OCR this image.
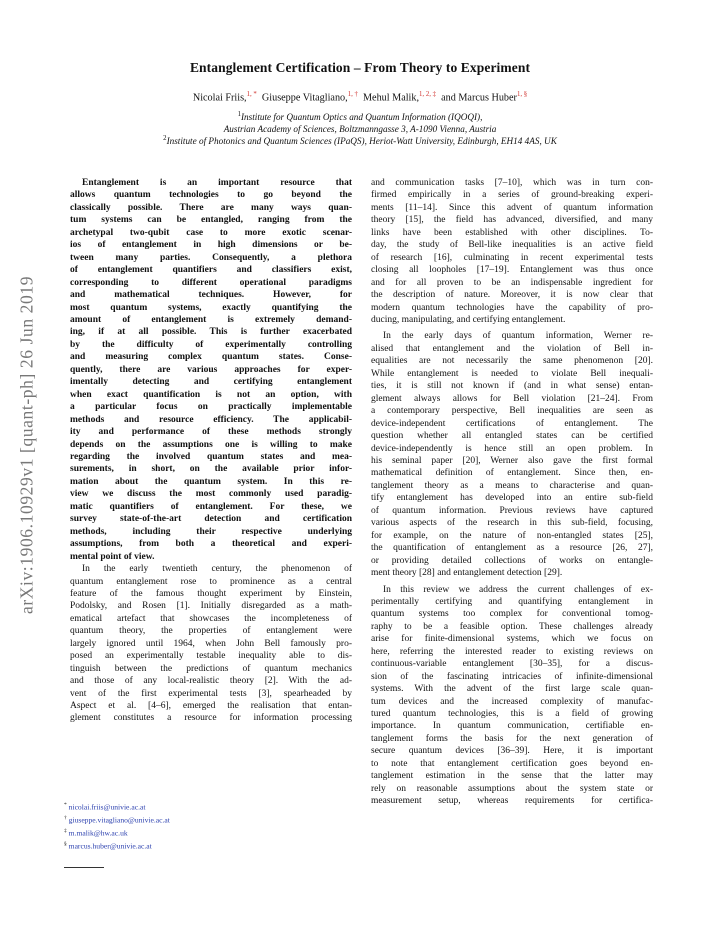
arXiv:1906.10929v1 [quant-ph] 26 Jun 2019
Entanglement Certification – From Theory to Experiment
Nicolai Friis,$^{1, *}$ Giuseppe Vitagliano,$^{1, \dagger}$ Mehul Malik,$^{1, 2, \ddagger}$ and Marcus Huber$^{1, \S}$
$^1$Institute for Quantum Optics and Quantum Information (IQOQI),
Austrian Academy of Sciences, Boltzmanngasse 3, A-1090 Vienna, Austria
$^2$Institute of Photonics and Quantum Sciences (IPaQS), Heriot-Watt University, Edinburgh, EH14 4AS, UK
Entanglement is an important resource that
allows quantum technologies to go beyond the
classically possible. There are many ways quan-
tum systems can be entangled, ranging from the
archetypal two-qubit case to more exotic scenar-
ios of entanglement in high dimensions or be-
tween many parties. Consequently, a plethora
of entanglement quantifiers and classifiers exist,
corresponding to different operational paradigms
and mathematical techniques. However, for
most quantum systems, exactly quantifying the
amount of entanglement is extremely demand-
ing, if at all possible. This is further exacerbated
by the difficulty of experimentally controlling
and measuring complex quantum states. Conse-
quently, there are various approaches for exper-
imentally detecting and certifying entanglement
when exact quantification is not an option, with
a particular focus on practically implementable
methods and resource efficiency. The applicabil-
ity and performance of these methods strongly
depends on the assumptions one is willing to make
regarding the involved quantum states and mea-
surements, in short, on the available prior infor-
mation about the quantum system. In this re-
view we discuss the most commonly used paradig-
matic quantifiers of entanglement. For these, we
survey state-of-the-art detection and certification
methods, including their respective underlying
assumptions, from both a theoretical and experi-
mental point of view.
In the early twentieth century, the phenomenon of
quantum entanglement rose to prominence as a central
feature of the famous thought experiment by Einstein,
Podolsky, and Rosen [1]. Initially disregarded as a math-
ematical artefact that showcases the incompleteness of
quantum theory, the properties of entanglement were
largely ignored until 1964, when John Bell famously pro-
posed an experimentally testable inequality able to dis-
tinguish between the predictions of quantum mechanics
and those of any local-realistic theory [2]. With the ad-
vent of the first experimental tests [3], spearheaded by
Aspect et al. [4–6], emerged the realisation that entan-
glement constitutes a resource for information processing
and communication tasks [7–10], which was in turn con-
firmed empirically in a series of ground-breaking experi-
ments [11–14]. Since this advent of quantum information
theory [15], the field has advanced, diversified, and many
links have been established with other disciplines. To-
day, the study of Bell-like inequalities is an active field
of research [16], culminating in recent experimental tests
closing all loopholes [17–19]. Entanglement was thus once
and for all proven to be an indispensable ingredient for
the description of nature. Moreover, it is now clear that
modern quantum technologies have the capability of pro-
ducing, manipulating, and certifying entanglement.
In the early days of quantum information, Werner re-
alised that entanglement and the violation of Bell in-
equalities are not necessarily the same phenomenon [20].
While entanglement is needed to violate Bell inequali-
ties, it is still not known if (and in what sense) entan-
glement always allows for Bell violation [21–24]. From
a contemporary perspective, Bell inequalities are seen as
device-independent certifications of entanglement. The
question whether all entangled states can be certified
device-independently is hence still an open problem. In
his seminal paper [20], Werner also gave the first formal
mathematical definition of entanglement. Since then, en-
tanglement theory as a means to characterise and quan-
tify entanglement has developed into an entire sub-field
of quantum information. Previous reviews have captured
various aspects of the research in this sub-field, focusing,
for example, on the nature of non-entangled states [25],
the quantification of entanglement as a resource [26, 27],
or providing detailed collections of works on entangle-
ment theory [28] and entanglement detection [29].
In this review we address the current challenges of ex-
perimentally certifying and quantifying entanglement in
quantum systems too complex for conventional tomog-
raphy to be a feasible option. These challenges already
arise for finite-dimensional systems, which we focus on
here, referring the interested reader to existing reviews on
continuous-variable entanglement [30–35], for a discus-
sion of the fascinating intricacies of infinite-dimensional
systems. With the advent of the first large scale quan-
tum devices and the increased complexity of manufac-
tured quantum technologies, this is a field of growing
importance. In quantum communication, certifiable en-
tanglement forms the basis for the next generation of
secure quantum devices [36–39]. Here, it is important
to note that entanglement certification goes beyond en-
tanglement estimation in the sense that the latter may
rely on reasonable assumptions about the system state or
measurement setup, whereas requirements for certifica-
* nicolai.friis@univie.ac.at
† giuseppe.vitagliano@univie.ac.at
‡ m.malik@hw.ac.uk
§ marcus.huber@univie.ac.at
